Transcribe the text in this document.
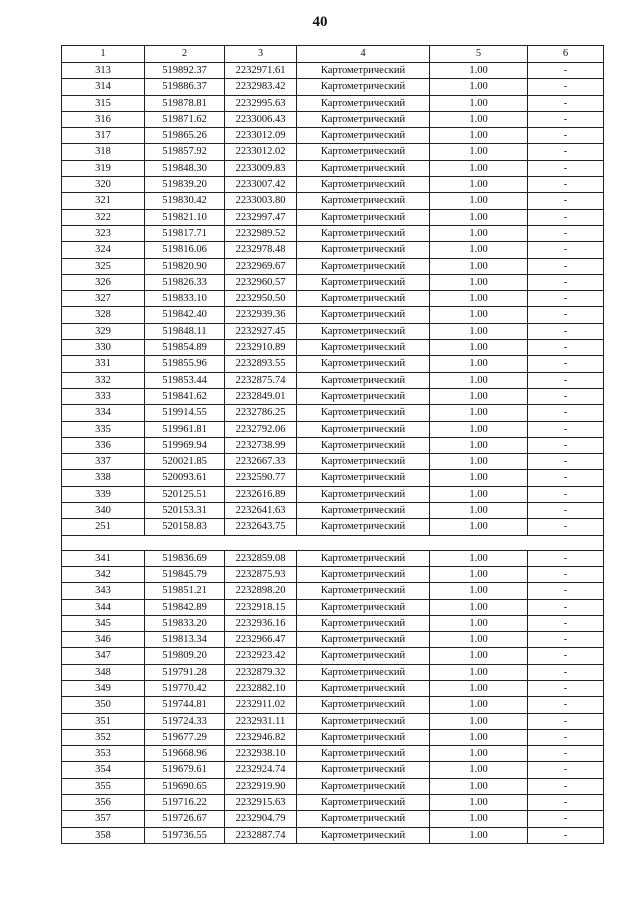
40
1	2	3	4	5	6
313	519892.37	2232971.61	Картометрический	1.00	-
314	519886.37	2232983.42	Картометрический	1.00	-
315	519878.81	2232995.63	Картометрический	1.00	-
316	519871.62	2233006.43	Картометрический	1.00	-
317	519865.26	2233012.09	Картометрический	1.00	-
318	519857.92	2233012.02	Картометрический	1.00	-
319	519848.30	2233009.83	Картометрический	1.00	-
320	519839.20	2233007.42	Картометрический	1.00	-
321	519830.42	2233003.80	Картометрический	1.00	-
322	519821.10	2232997.47	Картометрический	1.00	-
323	519817.71	2232989.52	Картометрический	1.00	-
324	519816.06	2232978.48	Картометрический	1.00	-
325	519820.90	2232969.67	Картометрический	1.00	-
326	519826.33	2232960.57	Картометрический	1.00	-
327	519833.10	2232950.50	Картометрический	1.00	-
328	519842.40	2232939.36	Картометрический	1.00	-
329	519848.11	2232927.45	Картометрический	1.00	-
330	519854.89	2232910.89	Картометрический	1.00	-
331	519855.96	2232893.55	Картометрический	1.00	-
332	519853.44	2232875.74	Картометрический	1.00	-
333	519841.62	2232849.01	Картометрический	1.00	-
334	519914.55	2232786.25	Картометрический	1.00	-
335	519961.81	2232792.06	Картометрический	1.00	-
336	519969.94	2232738.99	Картометрический	1.00	-
337	520021.85	2232667.33	Картометрический	1.00	-
338	520093.61	2232590.77	Картометрический	1.00	-
339	520125.51	2232616.89	Картометрический	1.00	-
340	520153.31	2232641.63	Картометрический	1.00	-
251	520158.83	2232643.75	Картометрический	1.00	-

341	519836.69	2232859.08	Картометрический	1.00	-
342	519845.79	2232875.93	Картометрический	1.00	-
343	519851.21	2232898.20	Картометрический	1.00	-
344	519842.89	2232918.15	Картометрический	1.00	-
345	519833.20	2232936.16	Картометрический	1.00	-
346	519813.34	2232966.47	Картометрический	1.00	-
347	519809.20	2232923.42	Картометрический	1.00	-
348	519791.28	2232879.32	Картометрический	1.00	-
349	519770.42	2232882.10	Картометрический	1.00	-
350	519744.81	2232911.02	Картометрический	1.00	-
351	519724.33	2232931.11	Картометрический	1.00	-
352	519677.29	2232946.82	Картометрический	1.00	-
353	519668.96	2232938.10	Картометрический	1.00	-
354	519679.61	2232924.74	Картометрический	1.00	-
355	519690.65	2232919.90	Картометрический	1.00	-
356	519716.22	2232915.63	Картометрический	1.00	-
357	519726.67	2232904.79	Картометрический	1.00	-
358	519736.55	2232887.74	Картометрический	1.00	-
